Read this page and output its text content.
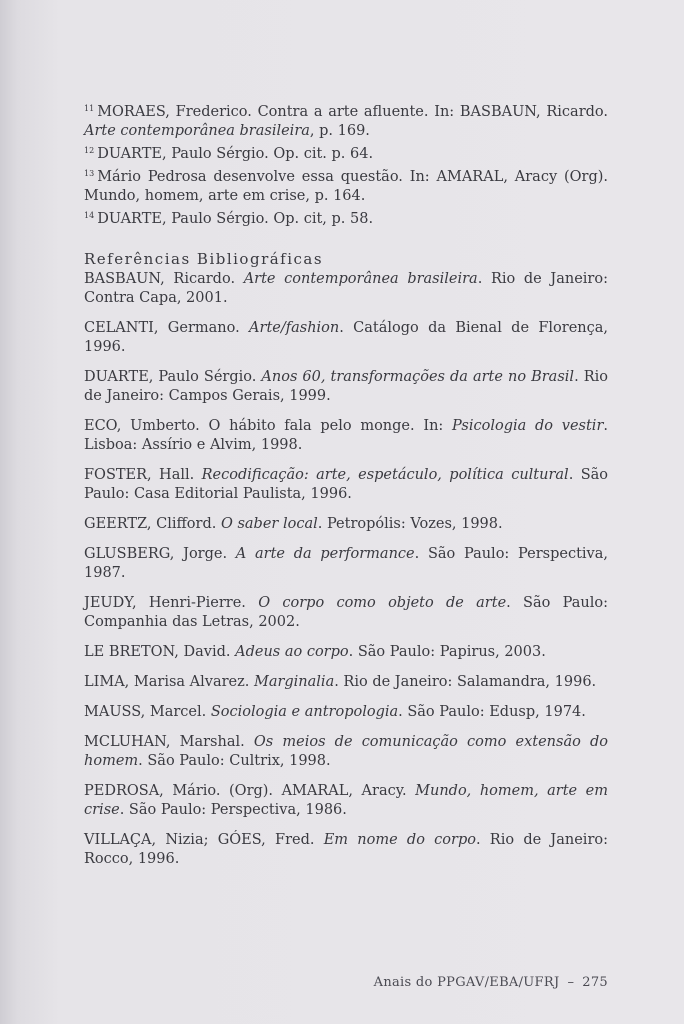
$^{11}$ MORAES, Frederico. Contra a arte afluente. In: BASBAUN, Ricardo. Arte contemporânea brasileira, p. 169.

$^{12}$ DUARTE, Paulo Sérgio. Op. cit. p. 64.

$^{13}$ Mário Pedrosa desenvolve essa questão. In: AMARAL, Aracy (Org). Mundo, homem, arte em crise, p. 164.

$^{14}$ DUARTE, Paulo Sérgio. Op. cit, p. 58.

Referências Bibliográficas

BASBAUN, Ricardo. Arte contemporânea brasileira. Rio de Janeiro: Contra Capa, 2001.

CELANTI, Germano. Arte/fashion. Catálogo da Bienal de Florença, 1996.

DUARTE, Paulo Sérgio. Anos 60, transformações da arte no Brasil. Rio de Janeiro: Campos Gerais, 1999.

ECO, Umberto. O hábito fala pelo monge. In: Psicologia do vestir. Lisboa: Assírio e Alvim, 1998.

FOSTER, Hall. Recodificação: arte, espetáculo, política cultural. São Paulo: Casa Editorial Paulista, 1996.

GEERTZ, Clifford. O saber local. Petropólis: Vozes, 1998.

GLUSBERG, Jorge. A arte da performance. São Paulo: Perspectiva, 1987.

JEUDY, Henri-Pierre. O corpo como objeto de arte. São Paulo: Companhia das Letras, 2002.

LE BRETON, David. Adeus ao corpo. São Paulo: Papirus, 2003.

LIMA, Marisa Alvarez. Marginalia. Rio de Janeiro: Salamandra, 1996.

MAUSS, Marcel. Sociologia e antropologia. São Paulo: Edusp, 1974.

MCLUHAN, Marshal. Os meios de comunicação como extensão do homem. São Paulo: Cultrix, 1998.

PEDROSA, Mário. (Org). AMARAL, Aracy. Mundo, homem, arte em crise. São Paulo: Perspectiva, 1986.

VILLAÇA, Nizia; GÓES, Fred. Em nome do corpo. Rio de Janeiro: Rocco, 1996.

Anais do PPGAV/EBA/UFRJ – 275
